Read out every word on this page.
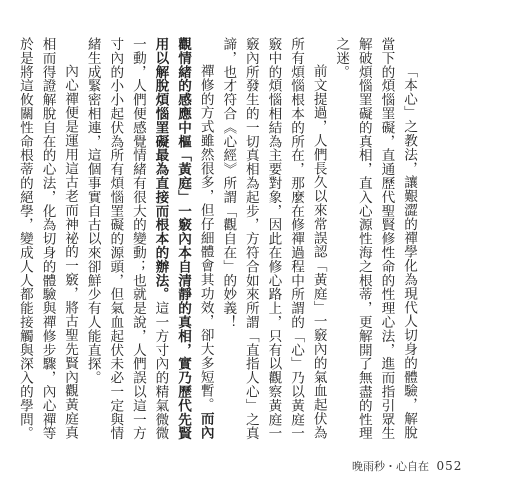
「本心」之教法，讓艱澀的禪學化為現代人切身的體驗，解脫當下的煩惱罣礙，直通歷代聖賢修性命的性理心法，進而指引眾生解破煩惱罣礙的真相，直入心源性海之根蒂，更解開了無盡的性理之迷。

前文提過，人們長久以來常誤認「黃庭」一竅內的氣血起伏為所有煩惱根本的所在，那麼在修禪過程中所謂的「心」乃以黃庭一竅中的煩惱相結為主要對象，因此在修心路上，只有以觀察黃庭一竅內所發生的一切真相為起步，方符合如來所謂「直指人心」之真諦，也才符合《心經》所謂「觀自在」的妙義！

禪修的方式雖然很多，但仔細體會其功效，卻大多短暫。而內觀情緒的感應中樞「黃庭」一竅內本自清靜的真相，實乃歷代先賢用以解脫煩惱罣礙最為直接而根本的辦法。這一方寸內的精氣微微一動，人們便感覺情緒有很大的變動；也就是說，人們誤以這一方寸內的小小起伏為所有煩惱罣礙的源頭，但氣血起伏未必一定與情緒生成緊密相連，這個事實自古以來卻鮮少有人能直探。

內心禪便是運用這古老而神祕的一竅，將古聖先賢內觀黃庭真相而得證解脫自在的心法，化為切身的體驗與禪修步驟，內心禪等於是將這攸關性命根蒂的絕學，變成人人都能接觸與深入的學問。

晚雨秒・心自在 052
